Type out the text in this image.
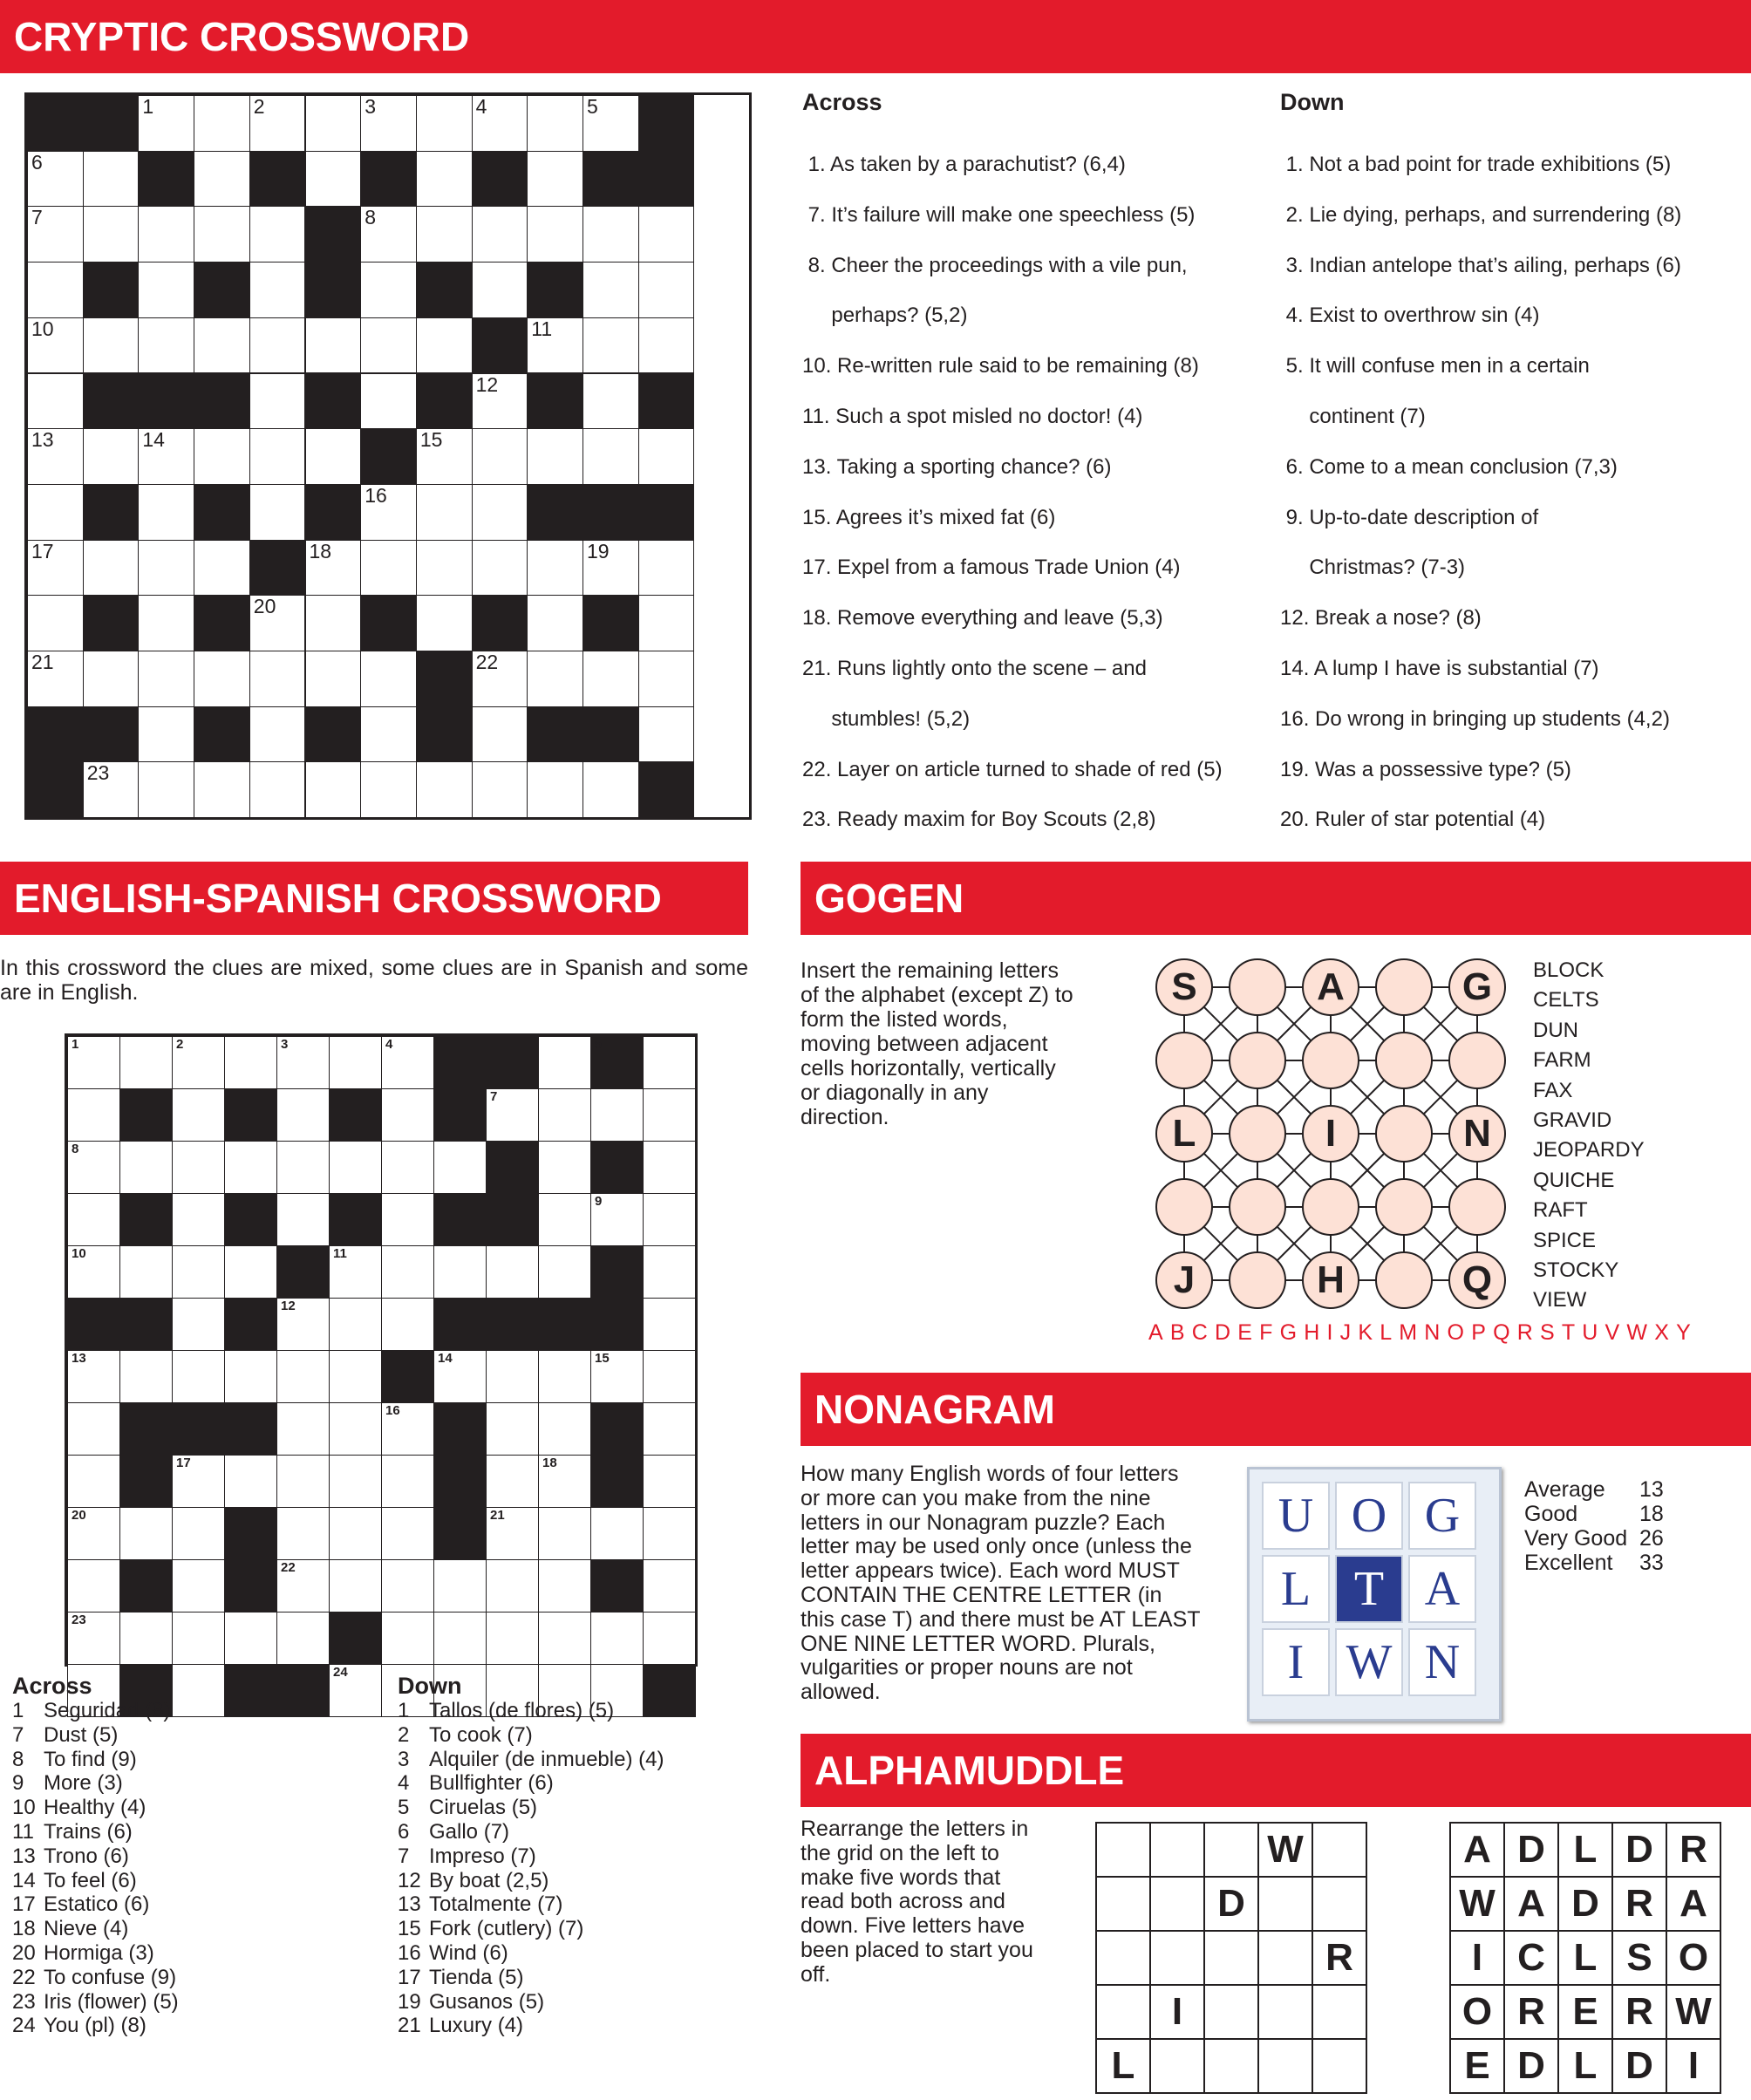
CRYPTIC CROSSWORD
1	2	3	4	5
6
7	8
10	11
12
13	14	15
16
17	18	19
20
21	22
23
Across
1. As taken by a parachutist? (6,4)
7. It’s failure will make one speechless (5)
8. Cheer the proceedings with a vile pun,
perhaps? (5,2)
10. Re-written rule said to be remaining (8)
11. Such a spot misled no doctor! (4)
13. Taking a sporting chance? (6)
15. Agrees it’s mixed fat (6)
17. Expel from a famous Trade Union (4)
18. Remove everything and leave (5,3)
21. Runs lightly onto the scene – and
stumbles! (5,2)
22. Layer on article turned to shade of red (5)
23. Ready maxim for Boy Scouts (2,8)
Down
1. Not a bad point for trade exhibitions (5)
2. Lie dying, perhaps, and surrendering (8)
3. Indian antelope that’s ailing, perhaps (6)
4. Exist to overthrow sin (4)
5. It will confuse men in a certain
continent (7)
6. Come to a mean conclusion (7,3)
9. Up-to-date description of
Christmas? (7-3)
12. Break a nose? (8)
14. A lump I have is substantial (7)
16. Do wrong in bringing up students (4,2)
19. Was a possessive type? (5)
20. Ruler of star potential (4)
ENGLISH-SPANISH CROSSWORD
In this crossword the clues are mixed, some clues are in Spanish and some are in English.
1	2	3	4	5
7
8
9
10	11
12
13	14	15
16
17	18
20	21
22
23
24
Across
1 Seguridad (8)
7 Dust (5)
8 To find (9)
9 More (3)
10 Healthy (4)
11 Trains (6)
13 Trono (6)
14 To feel (6)
17 Estatico (6)
18 Nieve (4)
20 Hormiga (3)
22 To confuse (9)
23 Iris (flower) (5)
24 You (pl) (8)
Down
1 Tallos (de flores) (5)
2 To cook (7)
3 Alquiler (de inmueble) (4)
4 Bullfighter (6)
5 Ciruelas (5)
6 Gallo (7)
7 Impreso (7)
12 By boat (2,5)
13 Totalmente (7)
15 Fork (cutlery) (7)
16 Wind (6)
17 Tienda (5)
19 Gusanos (5)
21 Luxury (4)
GOGEN
Insert the remaining letters of the alphabet (except Z) to form the listed words, moving between adjacent cells horizontally, vertically or diagonally in any direction.
S	A	G
L	I	N
J	H	Q
BLOCK
CELTS
DUN
FARM
FAX
GRAVID
JEOPARDY
QUICHE
RAFT
SPICE
STOCKY
VIEW
A B C D E F G H I J K L M N O P Q R S T U V W X Y
NONAGRAM
How many English words of four letters or more can you make from the nine letters in our Nonagram puzzle? Each letter may be used only once (unless the letter appears twice). Each word MUST CONTAIN THE CENTRE LETTER (in this case T) and there must be AT LEAST ONE NINE LETTER WORD. Plurals, vulgarities or proper nouns are not allowed.
U O G
L T A
I W N
Average 13
Good	18
Very Good 26
Excellent 33
ALPHAMUDDLE
Rearrange the letters in the grid on the left to make five words that read both across and down. Five letters have been placed to start you off.
W
D
R
I
L
A D L D R
W A D R A
I C L S O
O R E R W
E D L D I
